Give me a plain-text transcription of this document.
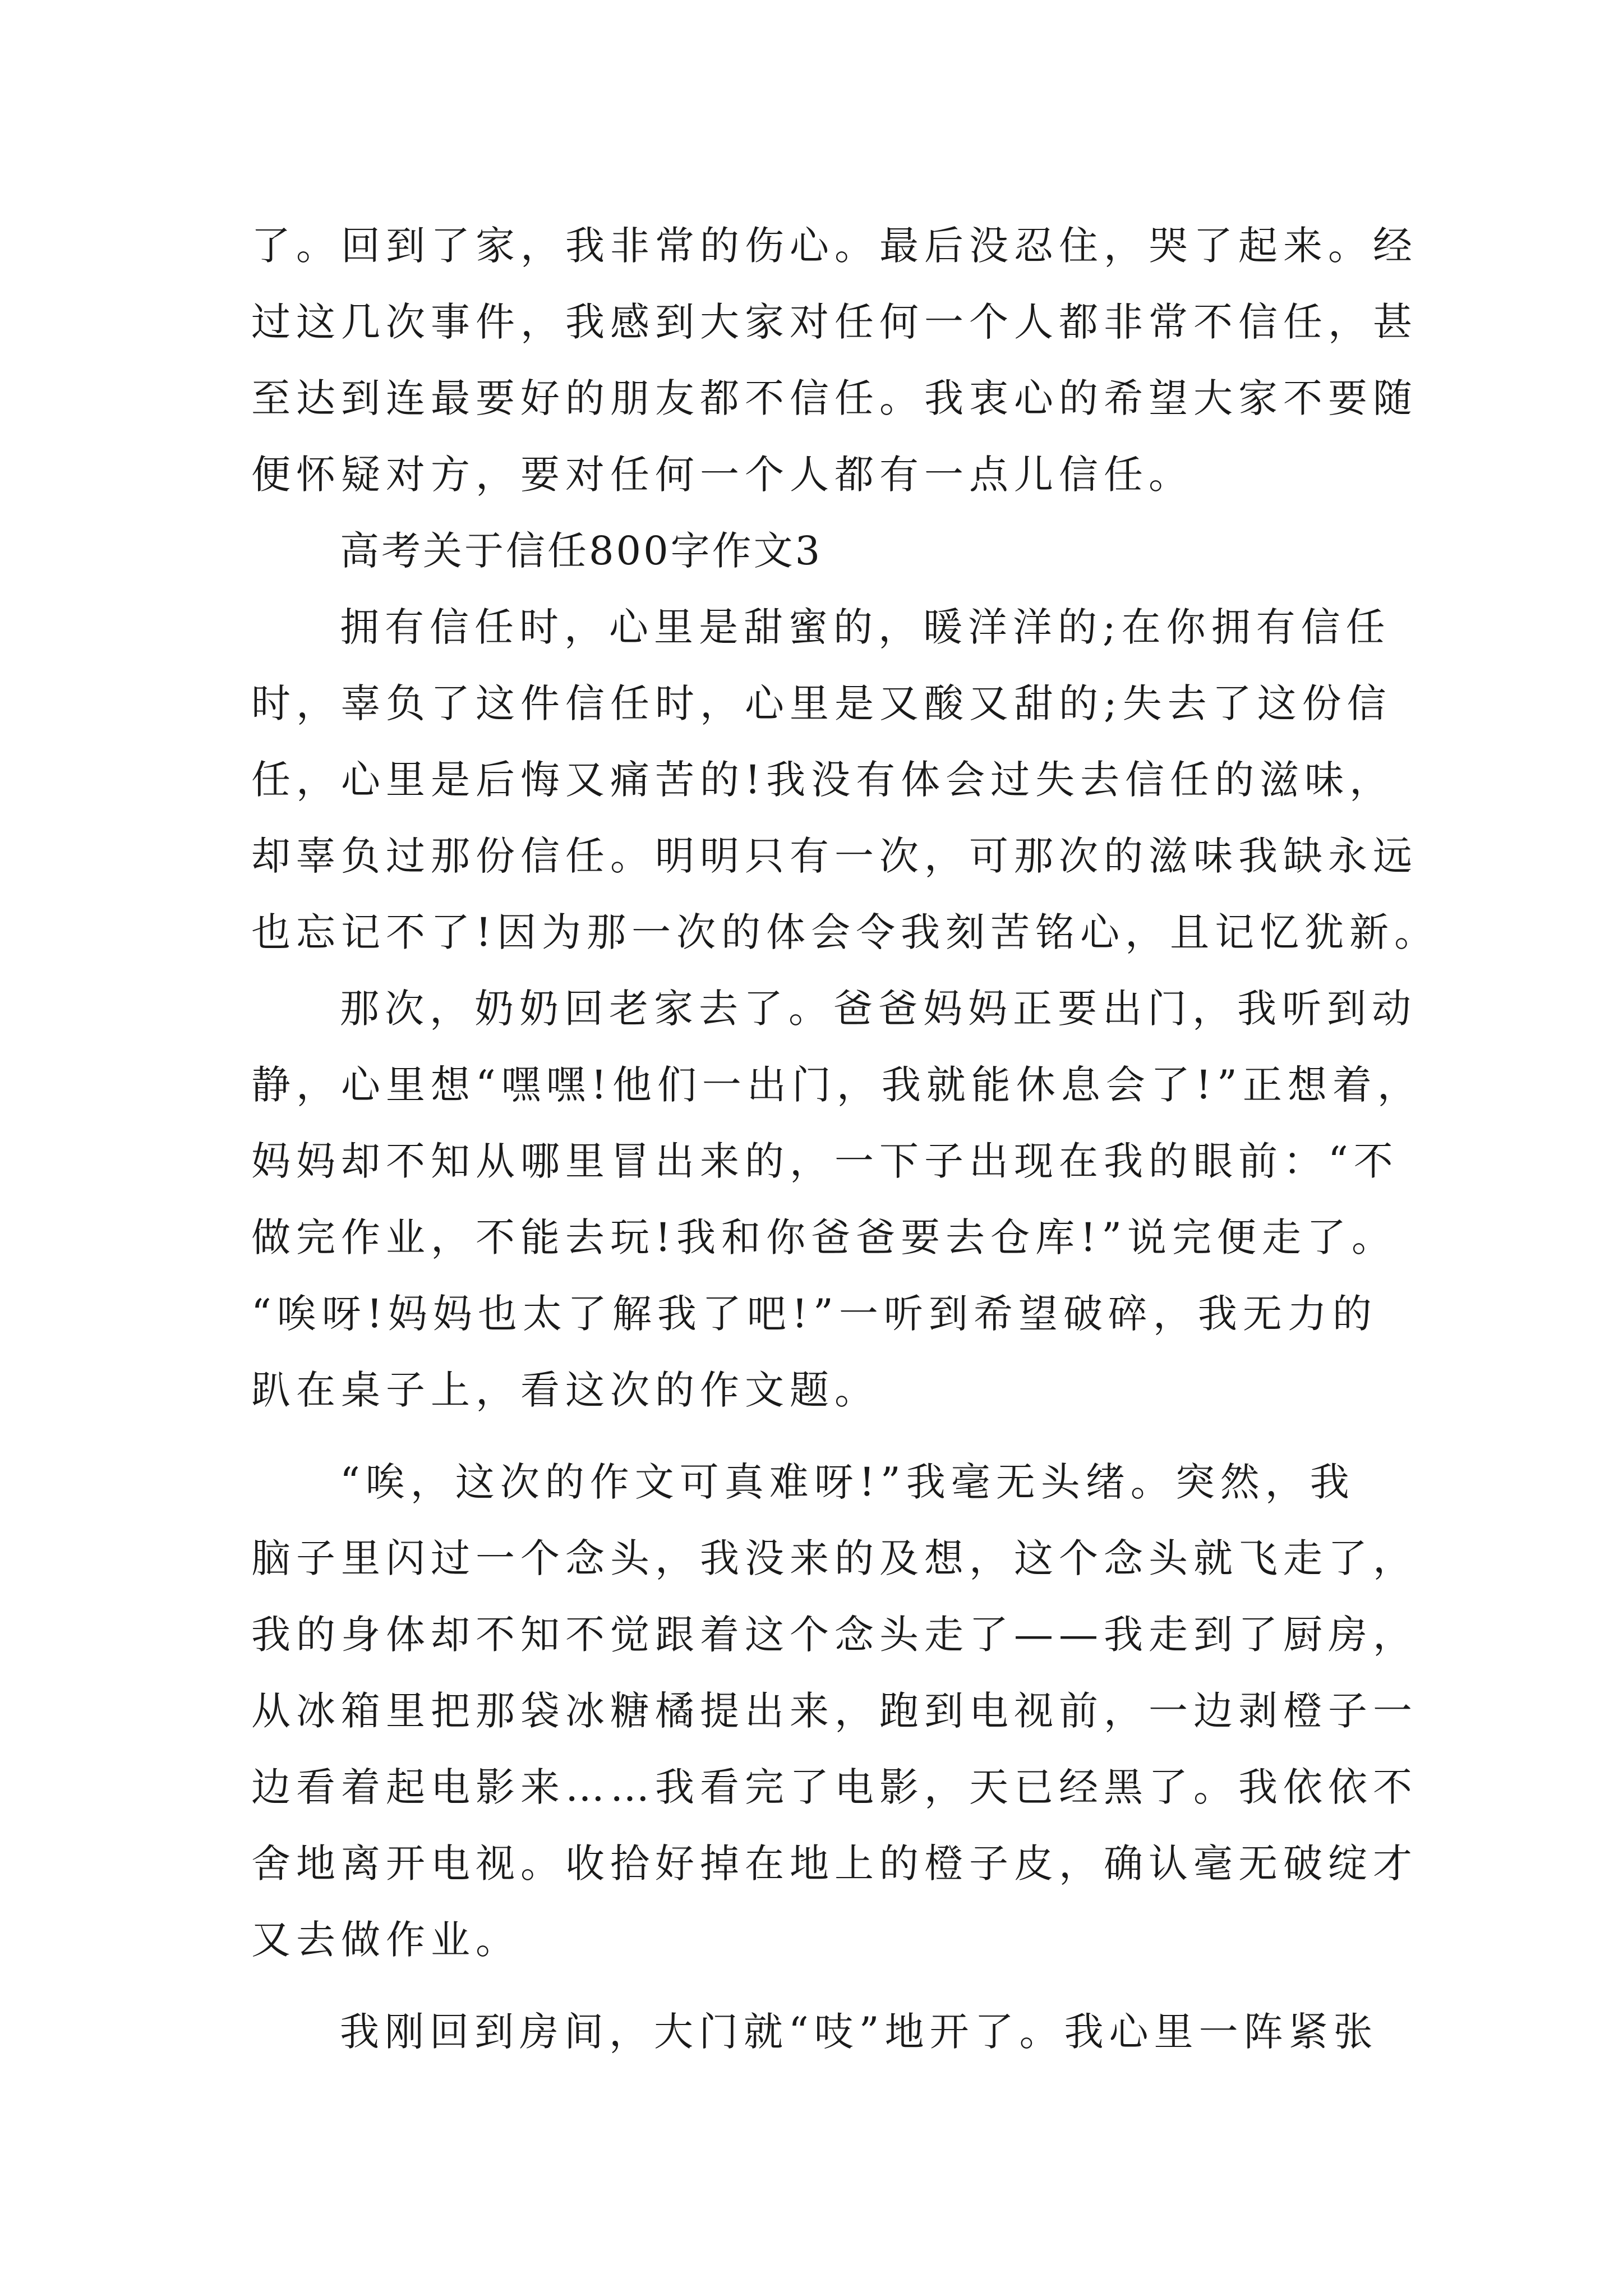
了。回到了家，我非常的伤心。最后没忍住，哭了起来。经
过这几次事件，我感到大家对任何一个人都非常不信任，甚
至达到连最要好的朋友都不信任。我衷心的希望大家不要随
便怀疑对方，要对任何一个人都有一点儿信任。
高考关于信任800字作文3
拥有信任时，心里是甜蜜的，暖洋洋的;在你拥有信任
时，辜负了这件信任时，心里是又酸又甜的;失去了这份信
任，心里是后悔又痛苦的!我没有体会过失去信任的滋味，
却辜负过那份信任。明明只有一次，可那次的滋味我缺永远
也忘记不了!因为那一次的体会令我刻苦铭心，且记忆犹新。
那次，奶奶回老家去了。爸爸妈妈正要出门，我听到动
静，心里想“嘿嘿!他们一出门，我就能休息会了!”正想着，
妈妈却不知从哪里冒出来的，一下子出现在我的眼前：“不
做完作业，不能去玩!我和你爸爸要去仓库!”说完便走了。
“唉呀!妈妈也太了解我了吧!”一听到希望破碎，我无力的
趴在桌子上，看这次的作文题。
“唉，这次的作文可真难呀!”我毫无头绪。突然，我
脑子里闪过一个念头，我没来的及想，这个念头就飞走了，
我的身体却不知不觉跟着这个念头走了——我走到了厨房，
从冰箱里把那袋冰糖橘提出来，跑到电视前，一边剥橙子一
边看着起电影来……我看完了电影，天已经黑了。我依依不
舍地离开电视。收拾好掉在地上的橙子皮，确认毫无破绽才
又去做作业。
我刚回到房间，大门就“吱”地开了。我心里一阵紧张
